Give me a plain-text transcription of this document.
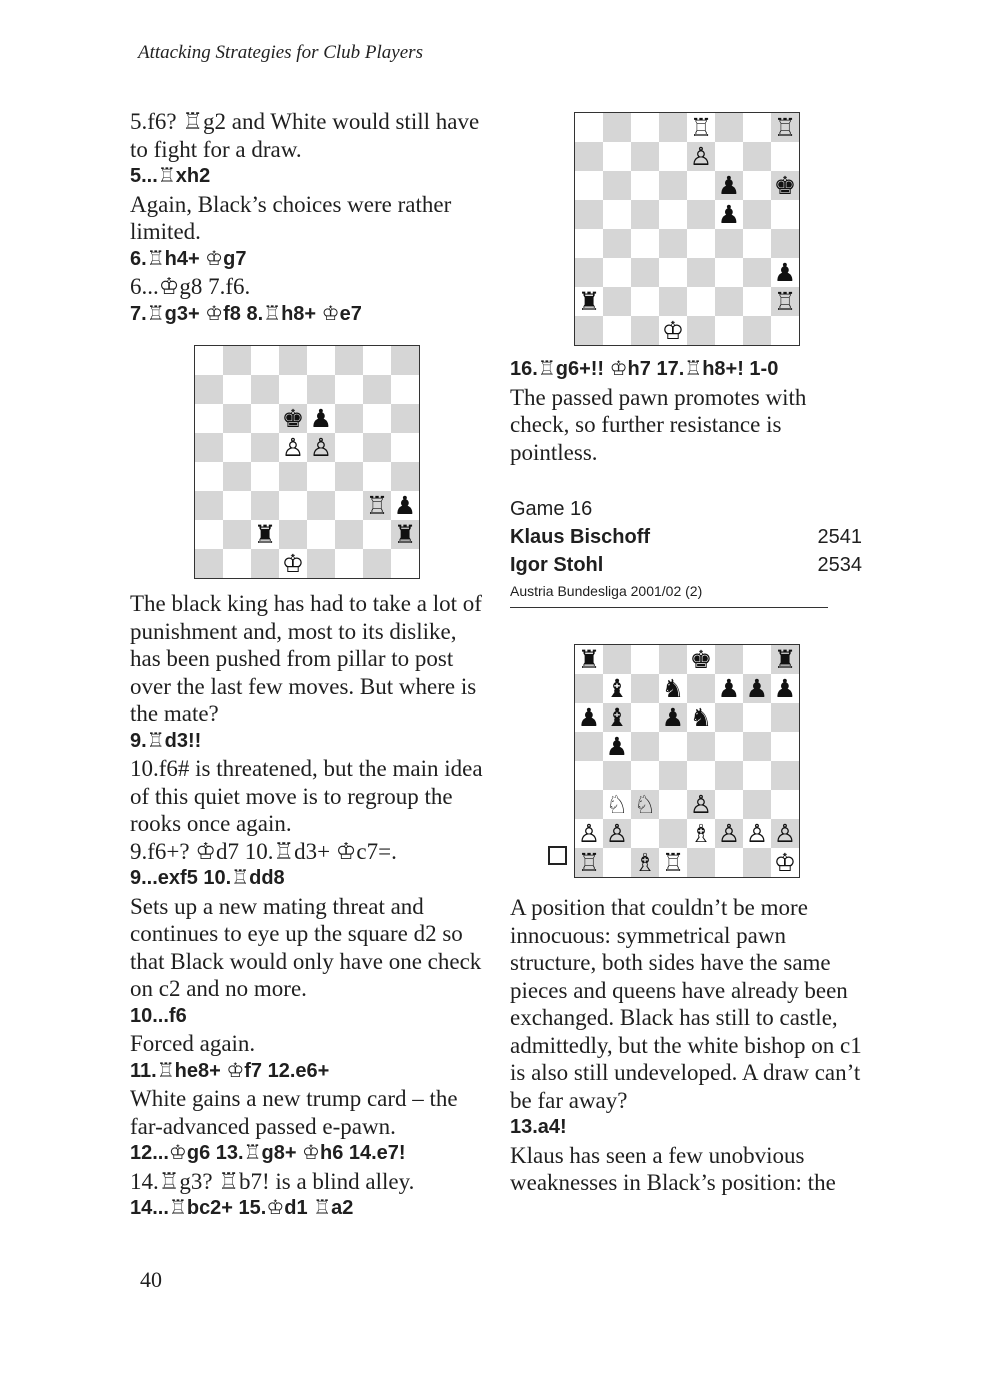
Attacking Strategies for Club Players

5.f6? ♖g2 and White would still have to fight for a draw.

5...♖xh2

Again, Black’s choices were rather limited.

6.♖h4+ ♔g7

6...♔g8 7.f6.

7.♖g3+ ♔f8 8.♖h8+ ♔e7

♚ ♟
♙ ♙
♖ ♟
♜	♜
♔

The black king has had to take a lot of punishment and, most to its dislike, has been pushed from pillar to post over the last few moves. But where is the mate?

9.♖d3!!

10.f6# is threatened, but the main idea of this quiet move is to regroup the rooks once again.

9.f6+? ♔d7 10.♖d3+ ♔c7=.

9...exf5 10.♖dd8

Sets up a new mating threat and continues to eye up the square d2 so that Black would only have one check on c2 and no more.

10...f6

Forced again.

11.♖he8+ ♔f7 12.e6+

White gains a new trump card – the far-advanced passed e-pawn.

12...♔g6 13.♖g8+ ♔h6 14.e7!

14.♖g3? ♖b7! is a blind alley.

14...♖bc2+ 15.♔d1 ♖a2

♖ ♖
♙
♟ ♚
♟
♟
♜	♖
♔

16.♖g6+!! ♔h7 17.♖h8+! 1-0

The passed pawn promotes with check, so further resistance is pointless.

Game 16

Klaus Bischoff	2541
Igor Stohl	2534

Austria Bundesliga 2001/02 (2)

♜	♚ ♜
♝ ♞ ♟ ♟ ♟
♟ ♝ ♟ ♞
♟
♘ ♘ ♙
♙ ♙ ♗ ♙ ♙ ♙
♖ ♗ ♖	♔

A position that couldn’t be more innocuous: symmetrical pawn structure, both sides have the same pieces and queens have already been exchanged. Black has still to castle, admittedly, but the white bishop on c1 is also still undeveloped. A draw can’t be far away?

13.a4!

Klaus has seen a few unobvious weaknesses in Black’s position: the

40
